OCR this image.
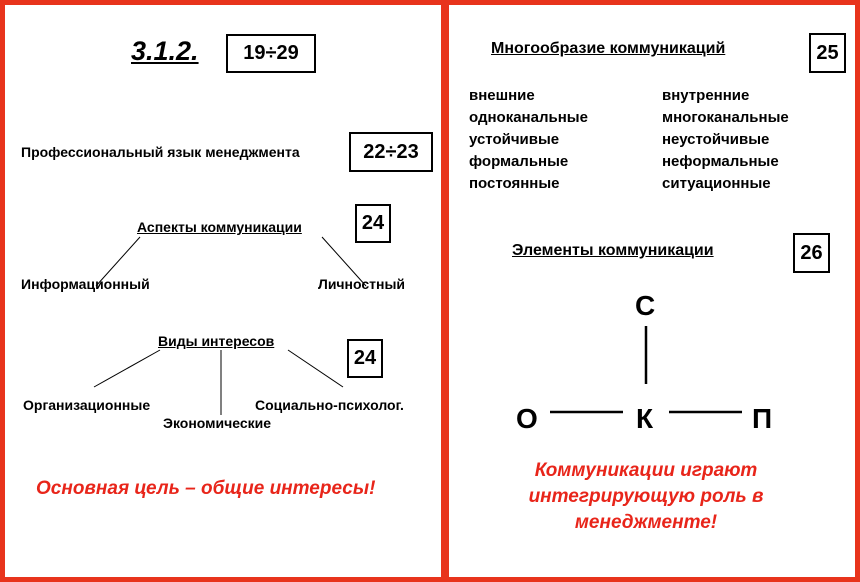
3.1.2.	19÷29
Профессиональный язык менеджмента	22÷23
Аспекты коммуникации	24
Информационный	Личностный
Виды интересов
24
Организационные
Экономические
Социально-психолог.
Основная цель – общие интересы!
Многообразие коммуникаций	25
внешние	внутренние
одноканальные	многоканальные
устойчивые	неустойчивые
формальные	неформальные
постоянные	ситуационные
Элементы коммуникации	26
С
О	К	П
Коммуникации играют
интегрирующую роль в
менеджменте!
